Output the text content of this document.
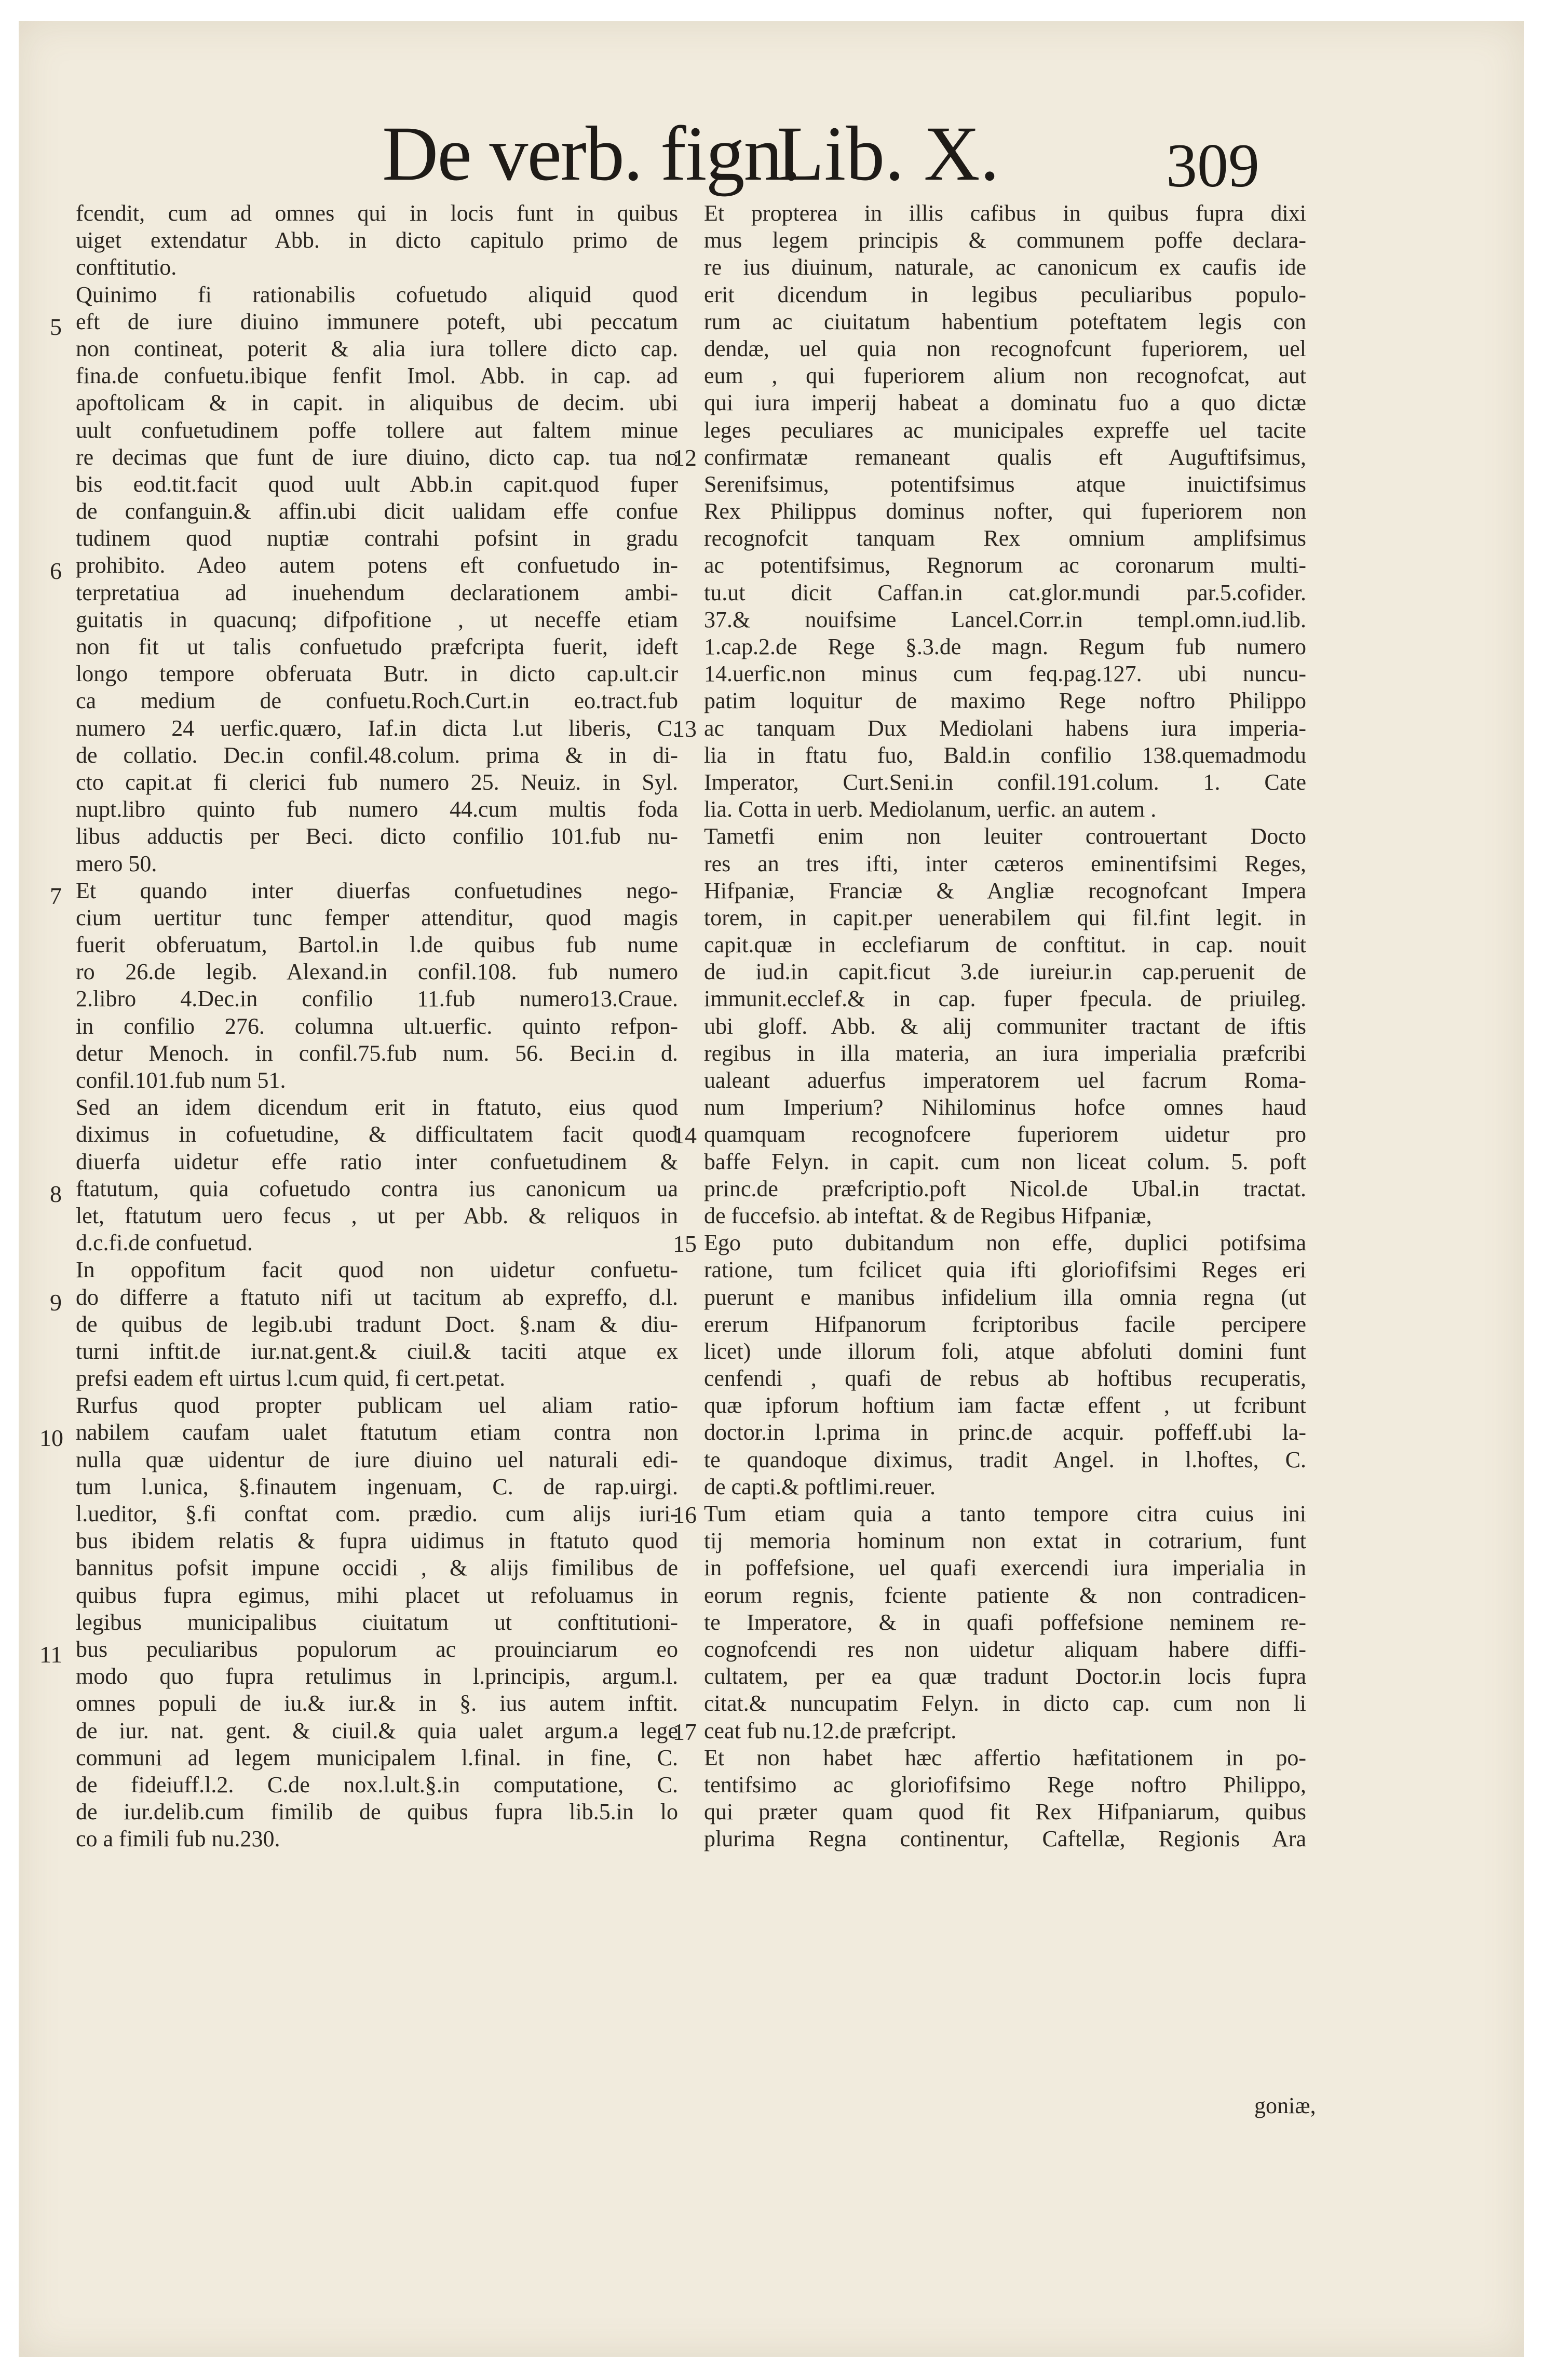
De verb. fign.
Lib. X.	309
fcendit, cum ad omnes qui in locis funt in quibus
uiget extendatur Abb. in dicto capitulo primo de
conftitutio.
Quinimo fi rationabilis cofuetudo aliquid quod
eft de iure diuino immunere poteft, ubi peccatum
non contineat, poterit & alia iura tollere dicto cap.
fina.de confuetu.ibique fenfit Imol. Abb. in cap. ad
apoftolicam & in capit. in aliquibus de decim. ubi
uult confuetudinem poffe tollere aut faltem minue
re decimas que funt de iure diuino, dicto cap. tua no
bis eod.tit.facit quod uult Abb.in capit.quod fuper
de confanguin.& affin.ubi dicit ualidam effe confue
tudinem quod nuptiæ contrahi pofsint in gradu
prohibito. Adeo autem potens eft confuetudo in-
terpretatiua ad inuehendum declarationem ambi-
guitatis in quacunq; difpofitione , ut neceffe etiam
non fit ut talis confuetudo præfcripta fuerit, ideft
longo tempore obferuata Butr. in dicto cap.ult.cir
ca medium de confuetu.Roch.Curt.in eo.tract.fub
numero 24 uerfic.quæro, Iaf.in dicta l.ut liberis, C.
de collatio. Dec.in confil.48.colum. prima & in di-
cto capit.at fi clerici fub numero 25. Neuiz. in Syl.
nupt.libro quinto fub numero 44.cum multis foda
libus adductis per Beci. dicto confilio 101.fub nu-
mero 50.
Et quando inter diuerfas confuetudines nego-
cium uertitur tunc femper attenditur, quod magis
fuerit obferuatum, Bartol.in l.de quibus fub nume
ro 26.de legib. Alexand.in confil.108. fub numero
2.libro 4.Dec.in confilio 11.fub numero13.Craue.
in confilio 276. columna ult.uerfic. quinto refpon-
detur Menoch. in confil.75.fub num. 56. Beci.in d.
confil.101.fub num 51.
Sed an idem dicendum erit in ftatuto, eius quod
diximus in cofuetudine, & difficultatem facit quod
diuerfa uidetur effe ratio inter confuetudinem &
ftatutum, quia cofuetudo contra ius canonicum ua
let, ftatutum uero fecus , ut per Abb. & reliquos in
d.c.fi.de confuetud.
In oppofitum facit quod non uidetur confuetu-
do differre a ftatuto nifi ut tacitum ab expreffo, d.l.
de quibus de legib.ubi tradunt Doct. §.nam & diu-
turni inftit.de iur.nat.gent.& ciuil.& taciti atque ex
prefsi eadem eft uirtus l.cum quid, fi cert.petat.
Rurfus quod propter publicam uel aliam ratio-
nabilem caufam ualet ftatutum etiam contra non
nulla quæ uidentur de iure diuino uel naturali edi-
tum l.unica, §.finautem ingenuam, C. de rap.uirgi.
l.ueditor, §.fi conftat com. prædio. cum alijs iuri-
bus ibidem relatis & fupra uidimus in ftatuto quod
bannitus pofsit impune occidi , & alijs fimilibus de
quibus fupra egimus, mihi placet ut refoluamus in
legibus municipalibus ciuitatum ut conftitutioni-
bus peculiaribus populorum ac prouinciarum eo
modo quo fupra retulimus in l.principis, argum.l.
omnes populi de iu.& iur.& in §. ius autem inftit.
de iur. nat. gent. & ciuil.& quia ualet argum.a lege
communi ad legem municipalem l.final. in fine, C.
de fideiuff.l.2. C.de nox.l.ult.§.in computatione, C.
de iur.delib.cum fimilib de quibus fupra lib.5.in lo
co a fimili fub nu.230.
Et propterea in illis cafibus in quibus fupra dixi
mus legem principis & communem poffe declara-
re ius diuinum, naturale, ac canonicum ex caufis ide
erit dicendum in legibus peculiaribus populo-
rum ac ciuitatum habentium poteftatem legis con
dendæ, uel quia non recognofcunt fuperiorem, uel
eum , qui fuperiorem alium non recognofcat, aut
qui iura imperij habeat a dominatu fuo a quo dictæ
leges peculiares ac municipales expreffe uel tacite
confirmatæ remaneant qualis eft Auguftifsimus,
Serenifsimus, potentifsimus atque inuictifsimus
Rex Philippus dominus nofter, qui fuperiorem non
recognofcit tanquam Rex omnium amplifsimus
ac potentifsimus, Regnorum ac coronarum multi-
tu.ut dicit Caffan.in cat.glor.mundi par.5.cofider.
37.& nouifsime Lancel.Corr.in templ.omn.iud.lib.
1.cap.2.de Rege §.3.de magn. Regum fub numero
14.uerfic.non minus cum feq.pag.127. ubi nuncu-
patim loquitur de maximo Rege noftro Philippo
ac tanquam Dux Mediolani habens iura imperia-
lia in ftatu fuo, Bald.in confilio 138.quemadmodu
Imperator, Curt.Seni.in confil.191.colum. 1. Cate
lia. Cotta in uerb. Mediolanum, uerfic. an autem .
Tametfi enim non leuiter controuertant Docto
res an tres ifti, inter cæteros eminentifsimi Reges,
Hifpaniæ, Franciæ & Angliæ recognofcant Impera
torem, in capit.per uenerabilem qui fil.fint legit. in
capit.quæ in ecclefiarum de conftitut. in cap. nouit
de iud.in capit.ficut 3.de iureiur.in cap.peruenit de
immunit.ecclef.& in cap. fuper fpecula. de priuileg.
ubi gloff. Abb. & alij communiter tractant de iftis
regibus in illa materia, an iura imperialia præfcribi
ualeant aduerfus imperatorem uel facrum Roma-
num Imperium? Nihilominus hofce omnes haud
quamquam recognofcere fuperiorem uidetur pro
baffe Felyn. in capit. cum non liceat colum. 5. poft
princ.de præfcriptio.poft Nicol.de Ubal.in tractat.
de fuccefsio. ab inteftat. & de Regibus Hifpaniæ,
Ego puto dubitandum non effe, duplici potifsima
ratione, tum fcilicet quia ifti gloriofifsimi Reges eri
puerunt e manibus infidelium illa omnia regna (ut
ererum Hifpanorum fcriptoribus facile percipere
licet) unde illorum foli, atque abfoluti domini funt
cenfendi , quafi de rebus ab hoftibus recuperatis,
quæ ipforum hoftium iam factæ effent , ut fcribunt
doctor.in l.prima in princ.de acquir. poffeff.ubi la-
te quandoque diximus, tradit Angel. in l.hoftes, C.
de capti.& poftlimi.reuer.
Tum etiam quia a tanto tempore citra cuius ini
tij memoria hominum non extat in cotrarium, funt
in poffefsione, uel quafi exercendi iura imperialia in
eorum regnis, fciente patiente & non contradicen-
te Imperatore, & in quafi poffefsione neminem re-
cognofcendi res non uidetur aliquam habere diffi-
cultatem, per ea quæ tradunt Doctor.in locis fupra
citat.& nuncupatim Felyn. in dicto cap. cum non li
ceat fub nu.12.de præfcript.
Et non habet hæc affertio hæfitationem in po-
tentifsimo ac gloriofifsimo Rege noftro Philippo,
qui præter quam quod fit Rex Hifpaniarum, quibus
plurima Regna continentur, Caftellæ, Regionis Ara
5
6
7
8
9
10
11
12
13
14
15
16
17
goniæ,
